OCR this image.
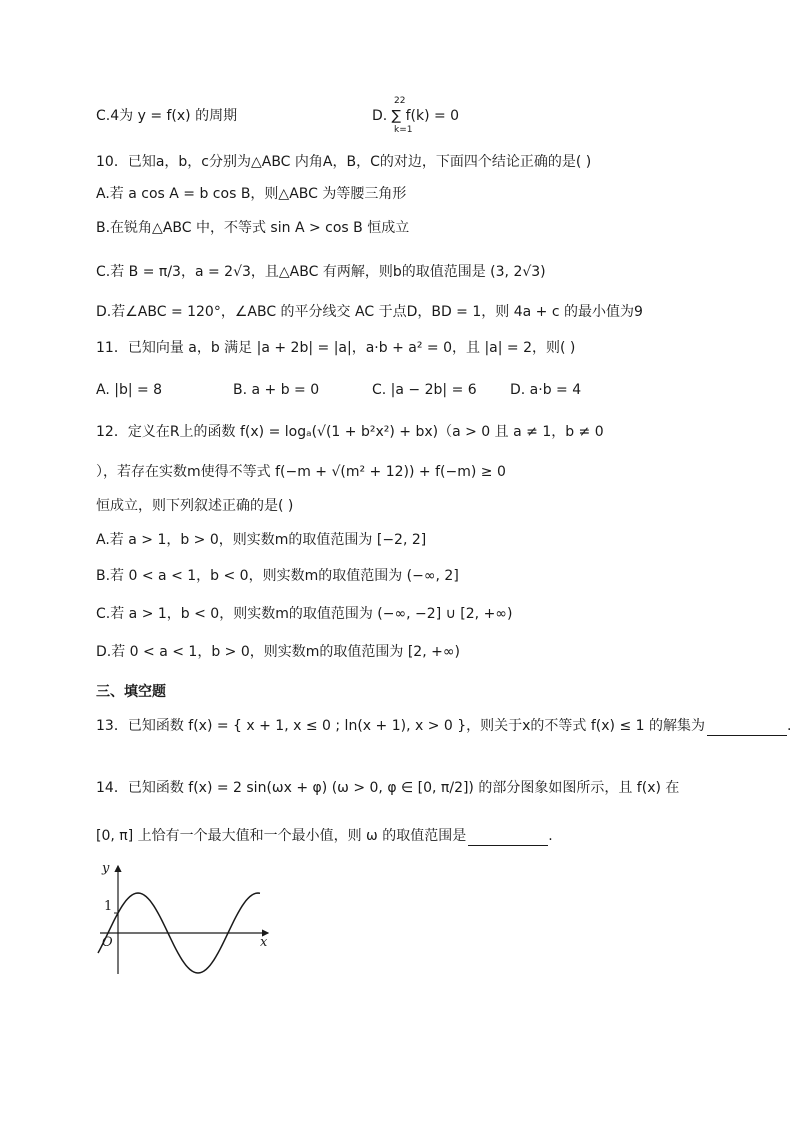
C.4为 y = f(x) 的周期
22
D. ∑ f(k) = 0
k=1
10．已知a，b，c分别为△ABC 内角A，B，C的对边，下面四个结论正确的是( )
A.若 a cos A = b cos B，则△ABC 为等腰三角形
B.在锐角△ABC 中，不等式 sin A > cos B 恒成立
C.若 B = π/3，a = 2√3，且△ABC 有两解，则b的取值范围是 (3, 2√3)
D.若∠ABC = 120°，∠ABC 的平分线交 AC 于点D，BD = 1，则 4a + c 的最小值为9
11．已知向量 a，b 满足 |a + 2b| = |a|，a·b + a² = 0，且 |a| = 2，则( )
A. |b| = 8	B. a + b = 0	C. |a − 2b| = 6 D. a·b = 4
12．定义在R上的函数 f(x) = logₐ(√(1 + b²x²) + bx)（a > 0 且 a ≠ 1，b ≠ 0
），若存在实数m使得不等式 f(−m + √(m² + 12)) + f(−m) ≥ 0
恒成立，则下列叙述正确的是( )
A.若 a > 1，b > 0，则实数m的取值范围为 [−2, 2]
B.若 0 < a < 1，b < 0，则实数m的取值范围为 (−∞, 2]
C.若 a > 1，b < 0，则实数m的取值范围为 (−∞, −2] ∪ [2, +∞)
D.若 0 < a < 1，b > 0，则实数m的取值范围为 [2, +∞)
三、填空题
13．已知函数 f(x) = { x + 1, x ≤ 0 ; ln(x + 1), x > 0 }，则关于x的不等式 f(x) ≤ 1 的解集为	.
14．已知函数 f(x) = 2 sin(ωx + φ) (ω > 0, φ ∈ [0, π/2]) 的部分图象如图所示，且 f(x) 在
[0, π] 上恰有一个最大值和一个最小值，则 ω 的取值范围是	.
y
x
O
1
